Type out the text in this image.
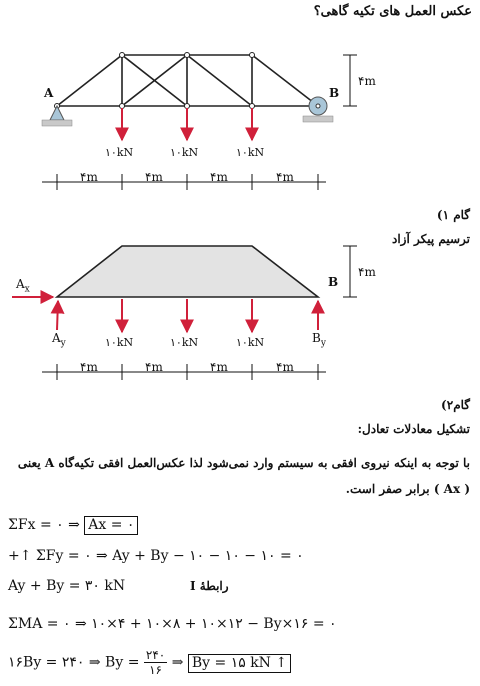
عکس العمل های تکیه گاهی؟
A	B
۴m
۱۰kN	۱۰kN	۱۰kN
۴m	۴m	۴m	۴m
گام ۱)
ترسیم پیکر آزاد
$A_x$
$A_y$	$B_y$
B
۴m
۱۰kN	۱۰kN	۱۰kN
۴m	۴m	۴m	۴m
گام۲)
تشکیل معادلات تعادل:
با توجه به اینکه نیروی افقی به سیستم وارد نمی‌شود لذا عکس‌العمل افقی تکیه‌گاه A یعنی ( Ax ) برابر صفر است.
ΣFx = ۰ ⇒ Ax = ۰
+↑ ΣFy = ۰ ⇒ Ay + By − ۱۰ − ۱۰ − ۱۰ = ۰
Ay + By = ۳۰ kN	رابطهٔ I
ΣMA = ۰ ⇒ ۱۰×۴ + ۱۰×۸ + ۱۰×۱۲ − By×۱۶ = ۰
۱۶By = ۲۴۰ ⇒ $By = \frac{۲۴۰}{۱۶}$ ⇒ By = ۱۵ kN ↑
